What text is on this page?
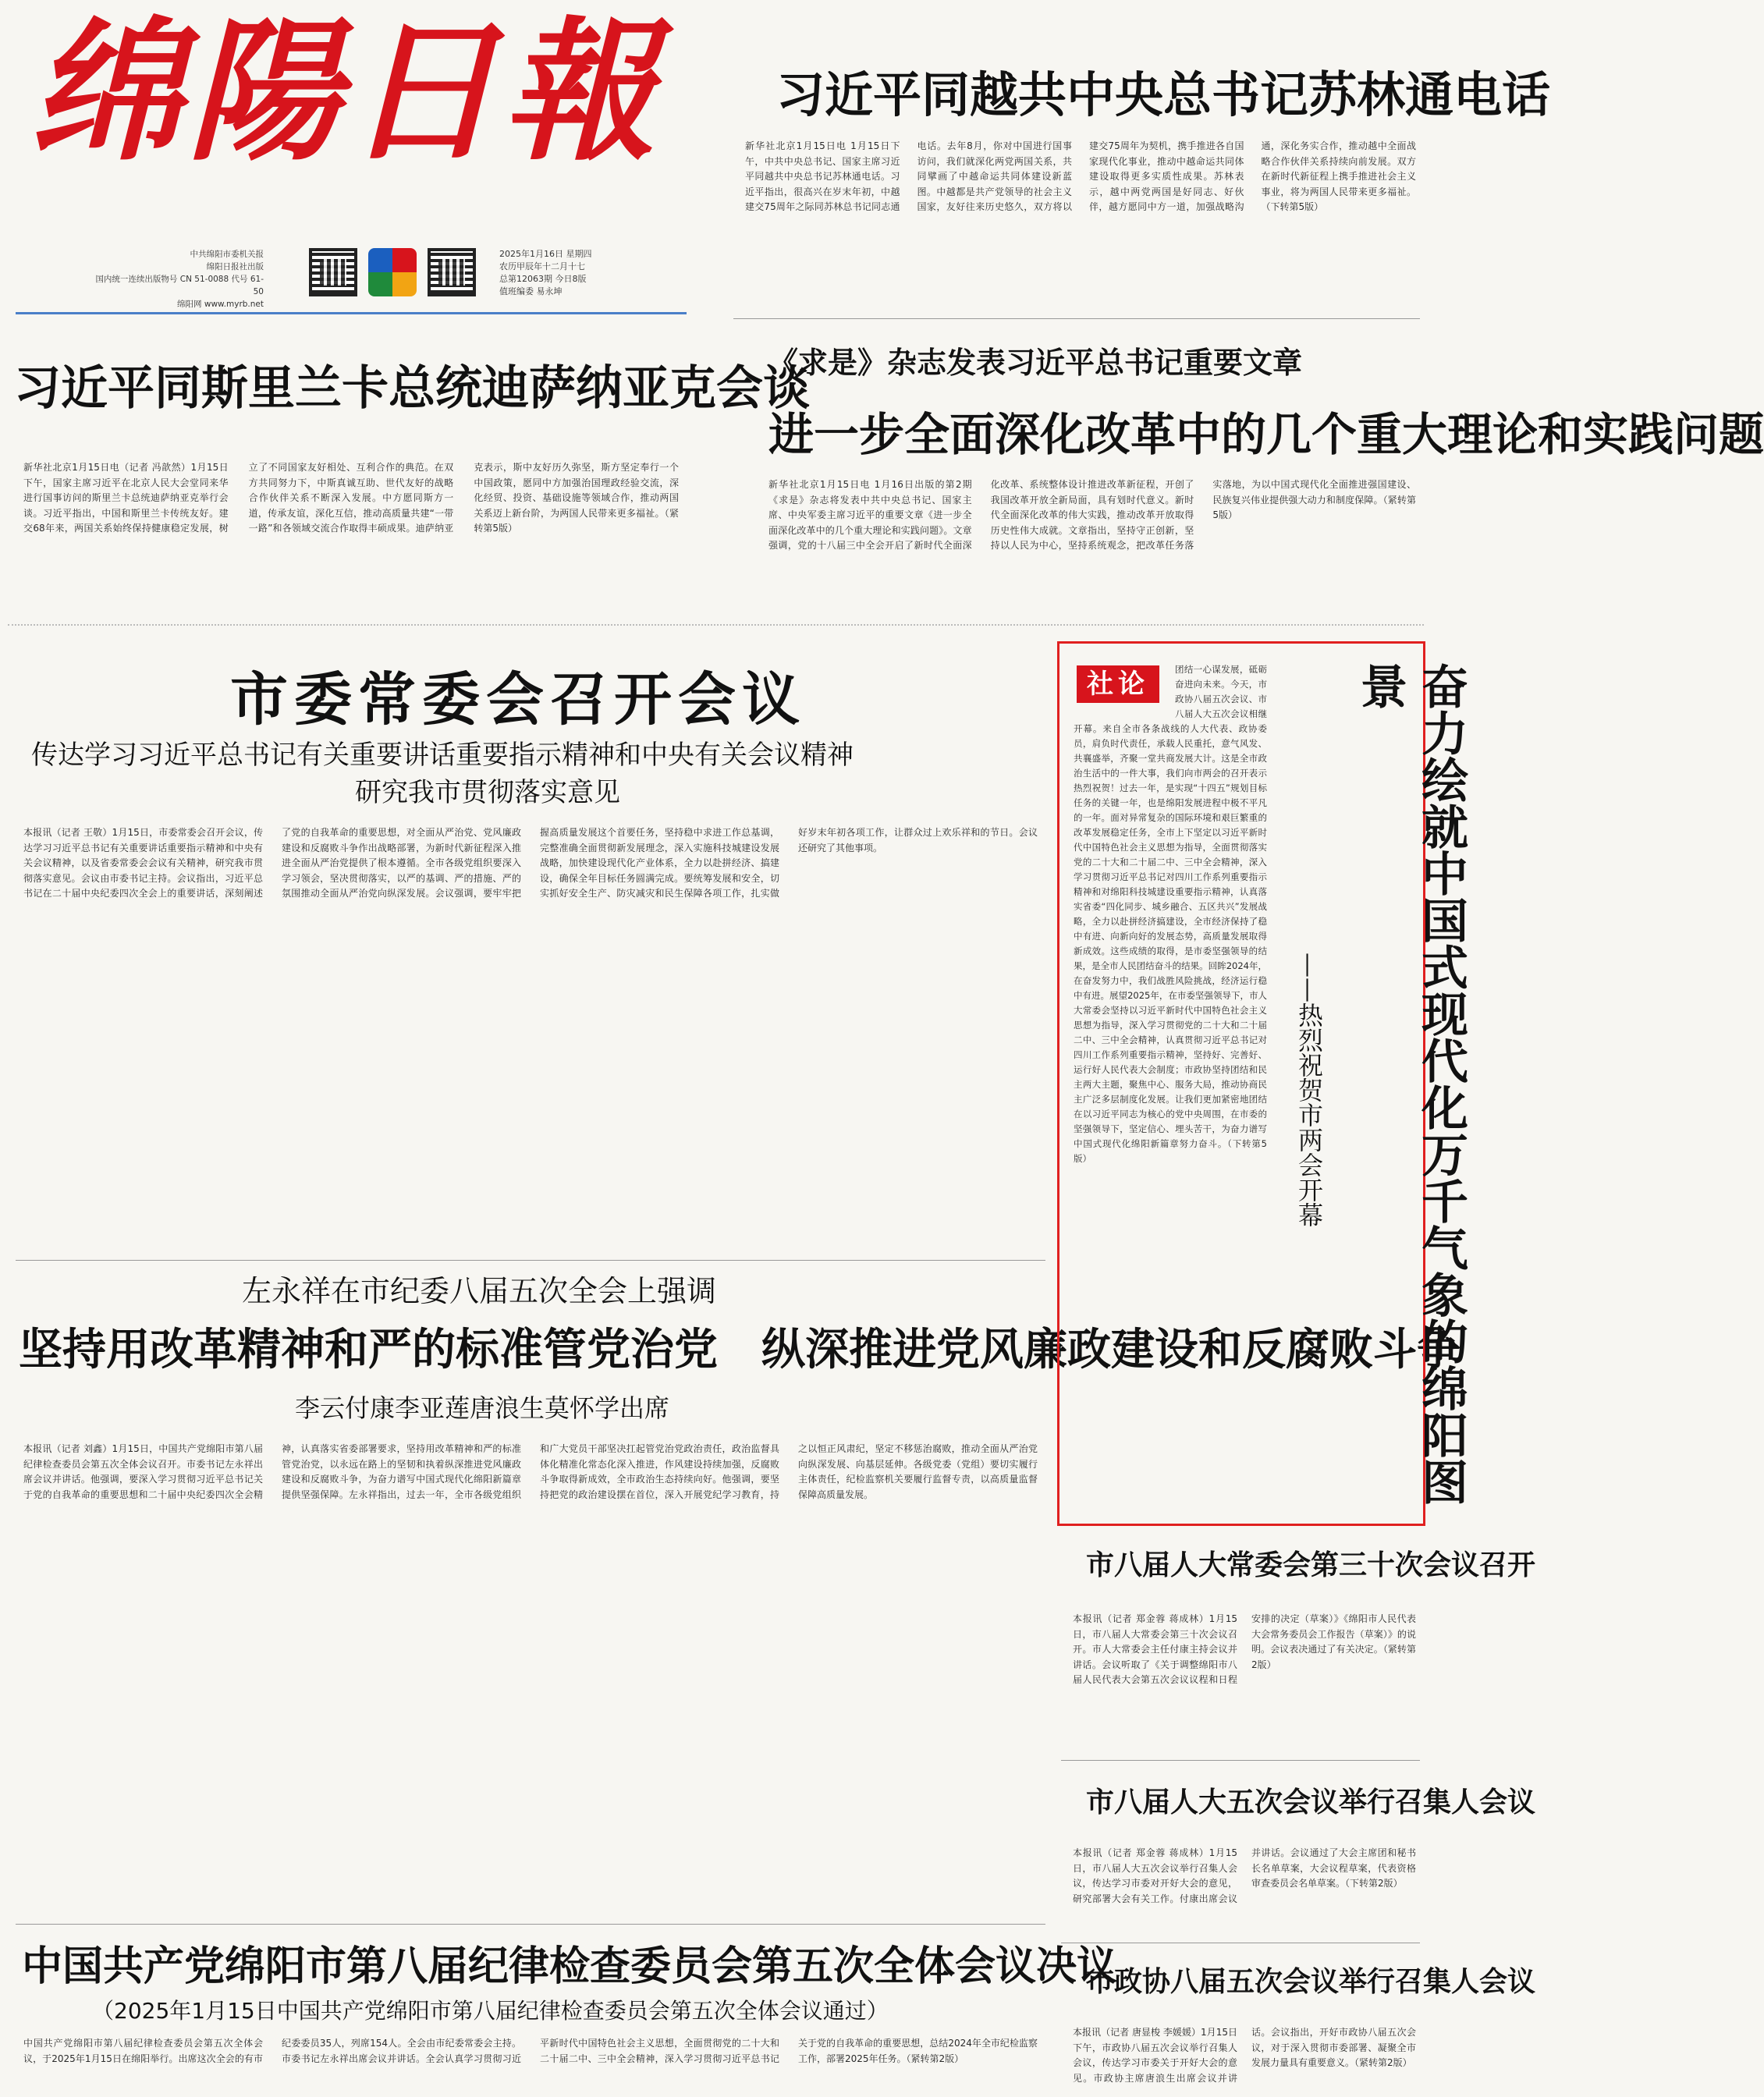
绵陽日報
中共绵阳市委机关报
绵阳日报社出版
国内统一连续出版物号 CN 51-0088 代号 61-50
绵阳网 www.myrb.net
2025年1月16日 星期四
农历甲辰年十二月十七
总第12063期 今日8版
值班编委 易永坤
习近平同越共中央总书记苏林通电话
新华社北京1月15日电 1月15日下午，中共中央总书记、国家主席习近平同越共中央总书记苏林通电话。习近平指出，很高兴在岁末年初，中越建交75周年之际同苏林总书记同志通电话。去年8月，你对中国进行国事访问，我们就深化两党两国关系，共同擘画了中越命运共同体建设新蓝图。中越都是共产党领导的社会主义国家，友好往来历史悠久，双方将以建交75周年为契机，携手推进各自国家现代化事业，推动中越命运共同体建设取得更多实质性成果。苏林表示，越中两党两国是好同志、好伙伴，越方愿同中方一道，加强战略沟通，深化务实合作，推动越中全面战略合作伙伴关系持续向前发展。双方在新时代新征程上携手推进社会主义事业，将为两国人民带来更多福祉。（下转第5版）
习近平同斯里兰卡总统迪萨纳亚克会谈
新华社北京1月15日电（记者 冯歆然）1月15日下午，国家主席习近平在北京人民大会堂同来华进行国事访问的斯里兰卡总统迪萨纳亚克举行会谈。习近平指出，中国和斯里兰卡传统友好。建交68年来，两国关系始终保持健康稳定发展，树立了不同国家友好相处、互利合作的典范。在双方共同努力下，中斯真诚互助、世代友好的战略合作伙伴关系不断深入发展。中方愿同斯方一道，传承友谊，深化互信，推动高质量共建“一带一路”和各领域交流合作取得丰硕成果。迪萨纳亚克表示，斯中友好历久弥坚，斯方坚定奉行一个中国政策，愿同中方加强治国理政经验交流，深化经贸、投资、基础设施等领域合作，推动两国关系迈上新台阶，为两国人民带来更多福祉。（紧转第5版）
《求是》杂志发表习近平总书记重要文章
进一步全面深化改革中的几个重大理论和实践问题
新华社北京1月15日电 1月16日出版的第2期《求是》杂志将发表中共中央总书记、国家主席、中央军委主席习近平的重要文章《进一步全面深化改革中的几个重大理论和实践问题》。文章强调，党的十八届三中全会开启了新时代全面深化改革、系统整体设计推进改革新征程，开创了我国改革开放全新局面，具有划时代意义。新时代全面深化改革的伟大实践，推动改革开放取得历史性伟大成就。文章指出，坚持守正创新，坚持以人民为中心，坚持系统观念，把改革任务落实落地，为以中国式现代化全面推进强国建设、民族复兴伟业提供强大动力和制度保障。（紧转第5版）
市委常委会召开会议
传达学习习近平总书记有关重要讲话重要指示精神和中央有关会议精神
研究我市贯彻落实意见
本报讯（记者 王敬）1月15日，市委常委会召开会议，传达学习习近平总书记有关重要讲话重要指示精神和中央有关会议精神，以及省委常委会会议有关精神，研究我市贯彻落实意见。会议由市委书记主持。会议指出，习近平总书记在二十届中央纪委四次全会上的重要讲话，深刻阐述了党的自我革命的重要思想，对全面从严治党、党风廉政建设和反腐败斗争作出战略部署，为新时代新征程深入推进全面从严治党提供了根本遵循。全市各级党组织要深入学习领会，坚决贯彻落实，以严的基调、严的措施、严的氛围推动全面从严治党向纵深发展。会议强调，要牢牢把握高质量发展这个首要任务，坚持稳中求进工作总基调，完整准确全面贯彻新发展理念，深入实施科技城建设发展战略，加快建设现代化产业体系，全力以赴拼经济、搞建设，确保全年目标任务圆满完成。要统筹发展和安全，切实抓好安全生产、防灾减灾和民生保障各项工作，扎实做好岁末年初各项工作，让群众过上欢乐祥和的节日。会议还研究了其他事项。
左永祥在市纪委八届五次全会上强调
坚持用改革精神和严的标准管党治党　纵深推进党风廉政建设和反腐败斗争
李云付康李亚莲唐浪生莫怀学出席
本报讯（记者 刘鑫）1月15日，中国共产党绵阳市第八届纪律检查委员会第五次全体会议召开。市委书记左永祥出席会议并讲话。他强调，要深入学习贯彻习近平总书记关于党的自我革命的重要思想和二十届中央纪委四次全会精神，认真落实省委部署要求，坚持用改革精神和严的标准管党治党，以永远在路上的坚韧和执着纵深推进党风廉政建设和反腐败斗争，为奋力谱写中国式现代化绵阳新篇章提供坚强保障。左永祥指出，过去一年，全市各级党组织和广大党员干部坚决扛起管党治党政治责任，政治监督具体化精准化常态化深入推进，作风建设持续加强，反腐败斗争取得新成效，全市政治生态持续向好。他强调，要坚持把党的政治建设摆在首位，深入开展党纪学习教育，持之以恒正风肃纪，坚定不移惩治腐败，推动全面从严治党向纵深发展、向基层延伸。各级党委（党组）要切实履行主体责任，纪检监察机关要履行监督专责，以高质量监督保障高质量发展。
中国共产党绵阳市第八届纪律检查委员会第五次全体会议决议
（2025年1月15日中国共产党绵阳市第八届纪律检查委员会第五次全体会议通过）
中国共产党绵阳市第八届纪律检查委员会第五次全体会议，于2025年1月15日在绵阳举行。出席这次全会的有市纪委委员35人，列席154人。全会由市纪委常委会主持。市委书记左永祥出席会议并讲话。全会认真学习贯彻习近平新时代中国特色社会主义思想，全面贯彻党的二十大和二十届二中、三中全会精神，深入学习贯彻习近平总书记关于党的自我革命的重要思想，总结2024年全市纪检监察工作，部署2025年任务。（紧转第2版）
社论	团结一心谋发展，砥砺奋进向未来。今天，市政协八届五次会议、市八届人大五次会议相继开幕。来自全市各条战线的人大代表、政协委员，肩负时代责任，承载人民重托，意气风发、共襄盛举，齐聚一堂共商发展大计。这是全市政治生活中的一件大事，我们向市两会的召开表示热烈祝贺！过去一年，是实现“十四五”规划目标任务的关键一年，也是绵阳发展进程中极不平凡的一年。面对异常复杂的国际环境和艰巨繁重的改革发展稳定任务，全市上下坚定以习近平新时代中国特色社会主义思想为指导，全面贯彻落实党的二十大和二十届二中、三中全会精神，深入学习贯彻习近平总书记对四川工作系列重要指示精神和对绵阳科技城建设重要指示精神，认真落实省委“四化同步、城乡融合、五区共兴”发展战略，全力以赴拼经济搞建设，全市经济保持了稳中有进、向新向好的发展态势，高质量发展取得新成效。这些成绩的取得，是市委坚强领导的结果，是全市人民团结奋斗的结果。回眸2024年，在奋发努力中，我们战胜风险挑战，经济运行稳中有进。展望2025年，在市委坚强领导下，市人大常委会坚持以习近平新时代中国特色社会主义思想为指导，深入学习贯彻党的二十大和二十届二中、三中全会精神，认真贯彻习近平总书记对四川工作系列重要指示精神，坚持好、完善好、运行好人民代表大会制度；市政协坚持团结和民主两大主题，聚焦中心、服务大局，推动协商民主广泛多层制度化发展。让我们更加紧密地团结在以习近平同志为核心的党中央周围，在市委的坚强领导下，坚定信心、埋头苦干，为奋力谱写中国式现代化绵阳新篇章努力奋斗。（下转第5版）	奋力绘就中国式现代化万千气象的绵阳图景
——热烈祝贺市两会开幕
市八届人大常委会第三十次会议召开
本报讯（记者 郑金蓉 蒋成林）1月15日，市八届人大常委会第三十次会议召开。市人大常委会主任付康主持会议并讲话。会议听取了《关于调整绵阳市八届人民代表大会第五次会议议程和日程安排的决定（草案）》《绵阳市人民代表大会常务委员会工作报告（草案）》的说明。会议表决通过了有关决定。（紧转第2版）
市八届人大五次会议举行召集人会议
本报讯（记者 郑金蓉 蒋成林）1月15日，市八届人大五次会议举行召集人会议，传达学习市委对开好大会的意见，研究部署大会有关工作。付康出席会议并讲话。会议通过了大会主席团和秘书长名单草案，大会议程草案，代表资格审查委员会名单草案。（下转第2版）
市政协八届五次会议举行召集人会议
本报讯（记者 唐显梭 李媛媛）1月15日下午，市政协八届五次会议举行召集人会议，传达学习市委关于开好大会的意见。市政协主席唐浪生出席会议并讲话。会议指出，开好市政协八届五次会议，对于深入贯彻市委部署、凝聚全市发展力量具有重要意义。（紧转第2版）
